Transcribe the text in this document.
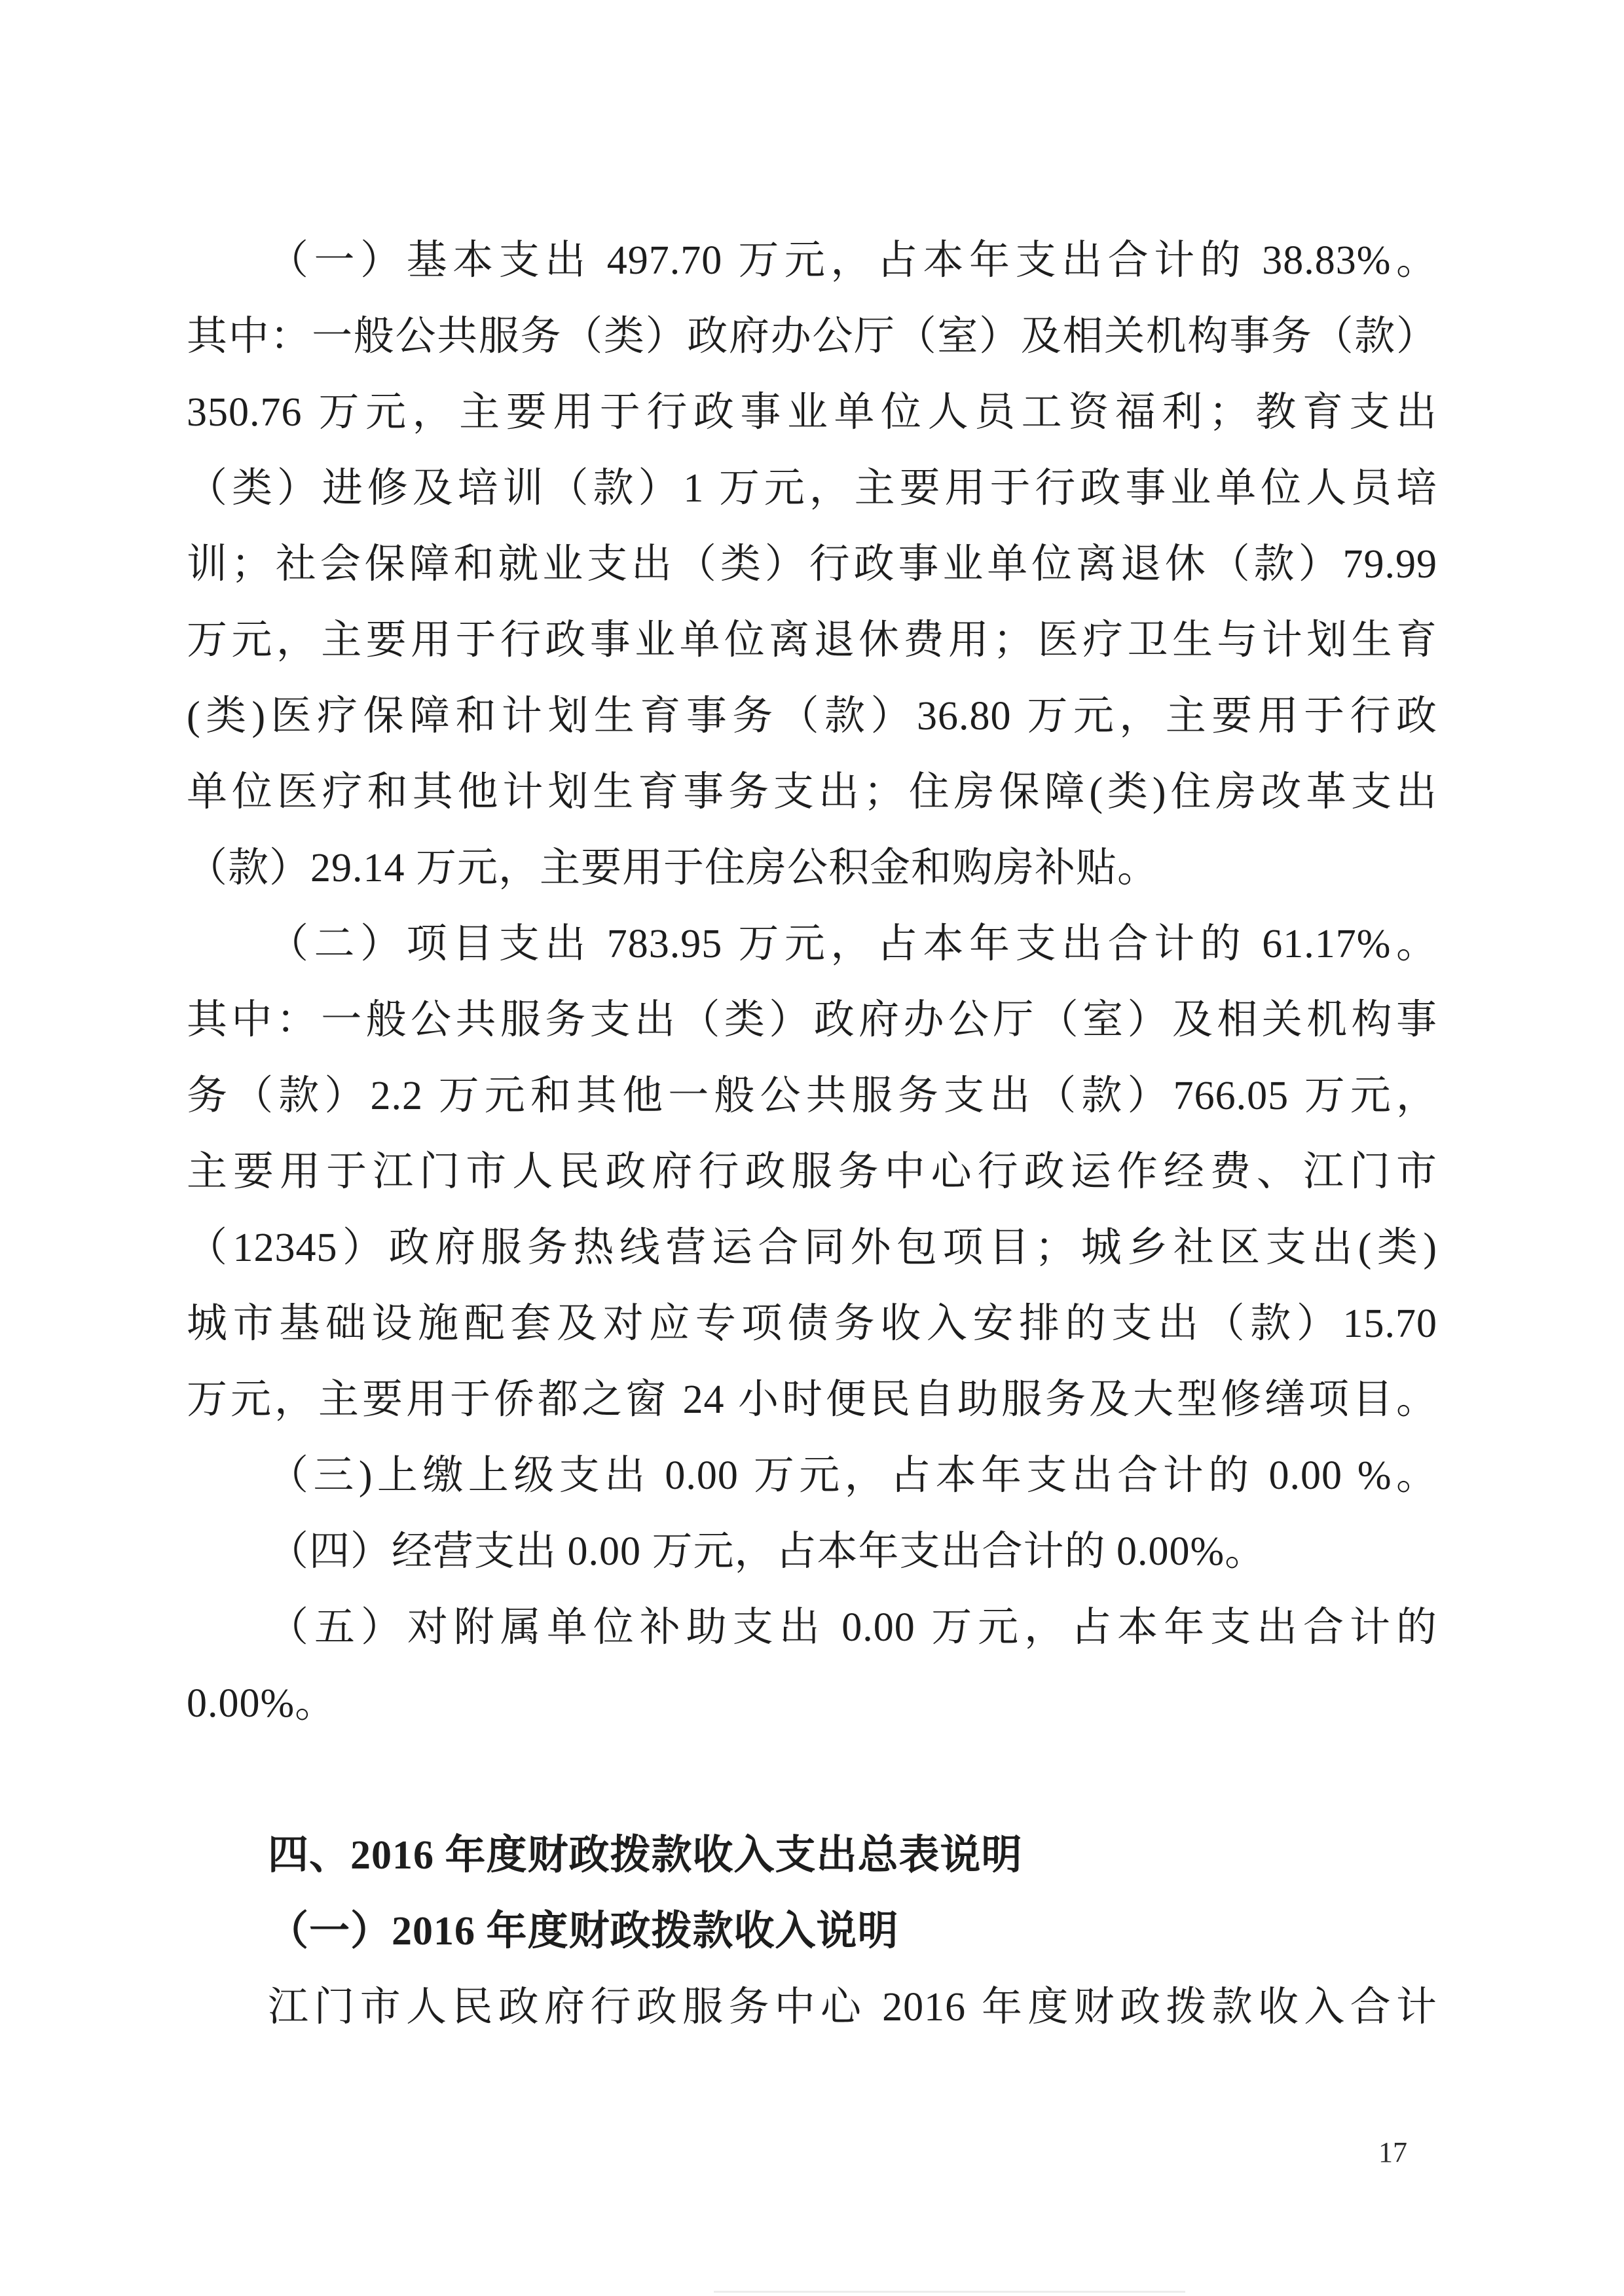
（一）基本支出 497.70 万元，占本年支出合计的 38.83%。
其中：一般公共服务（类）政府办公厅（室）及相关机构事务（款）
350.76 万元，主要用于行政事业单位人员工资福利；教育支出
（类）进修及培训（款）1 万元，主要用于行政事业单位人员培
训；社会保障和就业支出（类）行政事业单位离退休（款）79.99
万元，主要用于行政事业单位离退休费用；医疗卫生与计划生育
(类)医疗保障和计划生育事务（款）36.80 万元，主要用于行政
单位医疗和其他计划生育事务支出；住房保障(类)住房改革支出
（款）29.14 万元，主要用于住房公积金和购房补贴。
（二）项目支出 783.95 万元，占本年支出合计的 61.17%。
其中：一般公共服务支出（类）政府办公厅（室）及相关机构事
务（款）2.2 万元和其他一般公共服务支出（款）766.05 万元，
主要用于江门市人民政府行政服务中心行政运作经费、江门市
（12345）政府服务热线营运合同外包项目；城乡社区支出(类)
城市基础设施配套及对应专项债务收入安排的支出（款）15.70
万元，主要用于侨都之窗 24 小时便民自助服务及大型修缮项目。
（三)上缴上级支出 0.00 万元，占本年支出合计的 0.00 %。
（四）经营支出 0.00 万元，占本年支出合计的 0.00%。
（五）对附属单位补助支出 0.00 万元，占本年支出合计的
0.00%。
四、2016 年度财政拨款收入支出总表说明
（一）2016 年度财政拨款收入说明
江门市人民政府行政服务中心 2016 年度财政拨款收入合计
17
